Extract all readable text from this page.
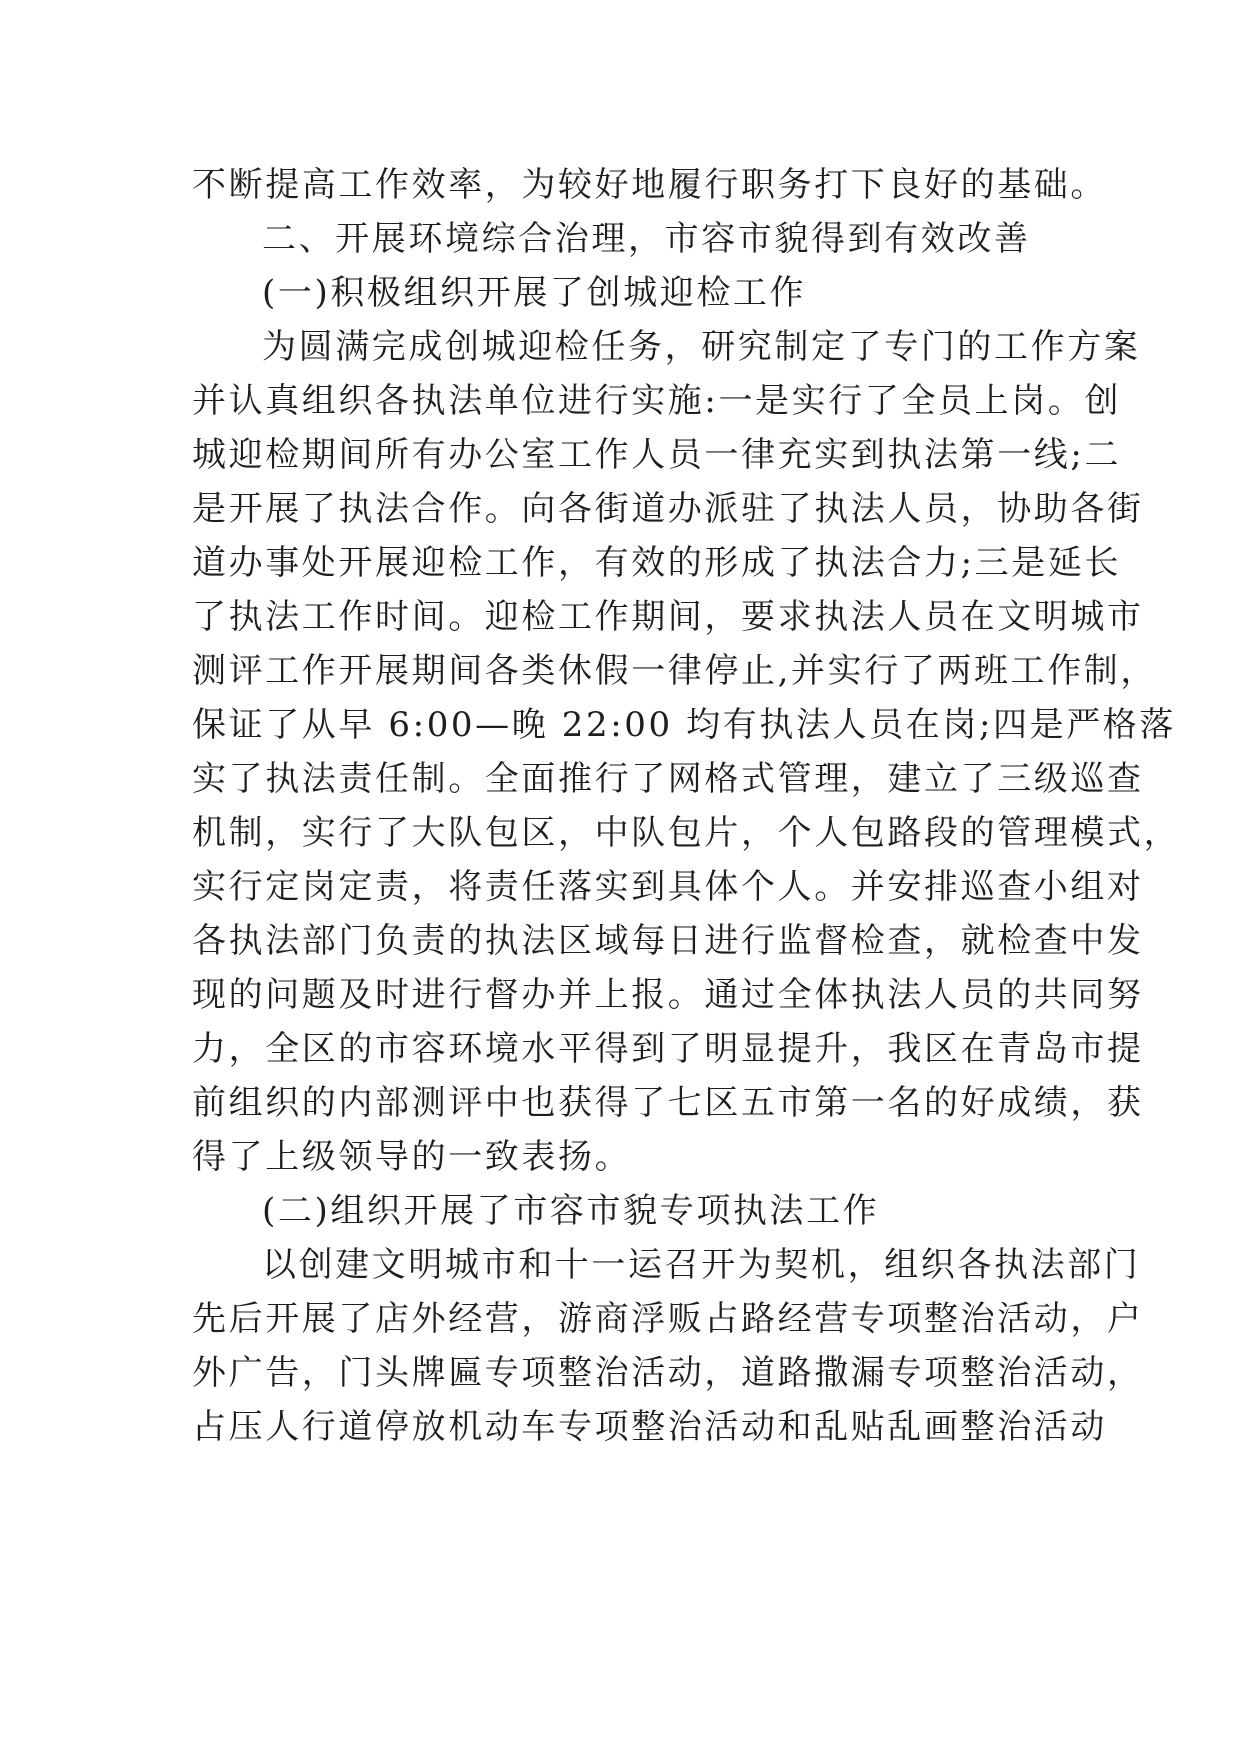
不断提高工作效率，为较好地履行职务打下良好的基础。
二、开展环境综合治理，市容市貌得到有效改善
(一)积极组织开展了创城迎检工作
为圆满完成创城迎检任务，研究制定了专门的工作方案
并认真组织各执法单位进行实施:一是实行了全员上岗。创
城迎检期间所有办公室工作人员一律充实到执法第一线;二
是开展了执法合作。向各街道办派驻了执法人员，协助各街
道办事处开展迎检工作，有效的形成了执法合力;三是延长
了执法工作时间。迎检工作期间，要求执法人员在文明城市
测评工作开展期间各类休假一律停止,并实行了两班工作制，
保证了从早 6:00—晚 22:00 均有执法人员在岗;四是严格落
实了执法责任制。全面推行了网格式管理，建立了三级巡查
机制，实行了大队包区，中队包片，个人包路段的管理模式，
实行定岗定责，将责任落实到具体个人。并安排巡查小组对
各执法部门负责的执法区域每日进行监督检查，就检查中发
现的问题及时进行督办并上报。通过全体执法人员的共同努
力，全区的市容环境水平得到了明显提升，我区在青岛市提
前组织的内部测评中也获得了七区五市第一名的好成绩，获
得了上级领导的一致表扬。
(二)组织开展了市容市貌专项执法工作
以创建文明城市和十一运召开为契机，组织各执法部门
先后开展了店外经营，游商浮贩占路经营专项整治活动，户
外广告，门头牌匾专项整治活动，道路撒漏专项整治活动，
占压人行道停放机动车专项整治活动和乱贴乱画整治活动
